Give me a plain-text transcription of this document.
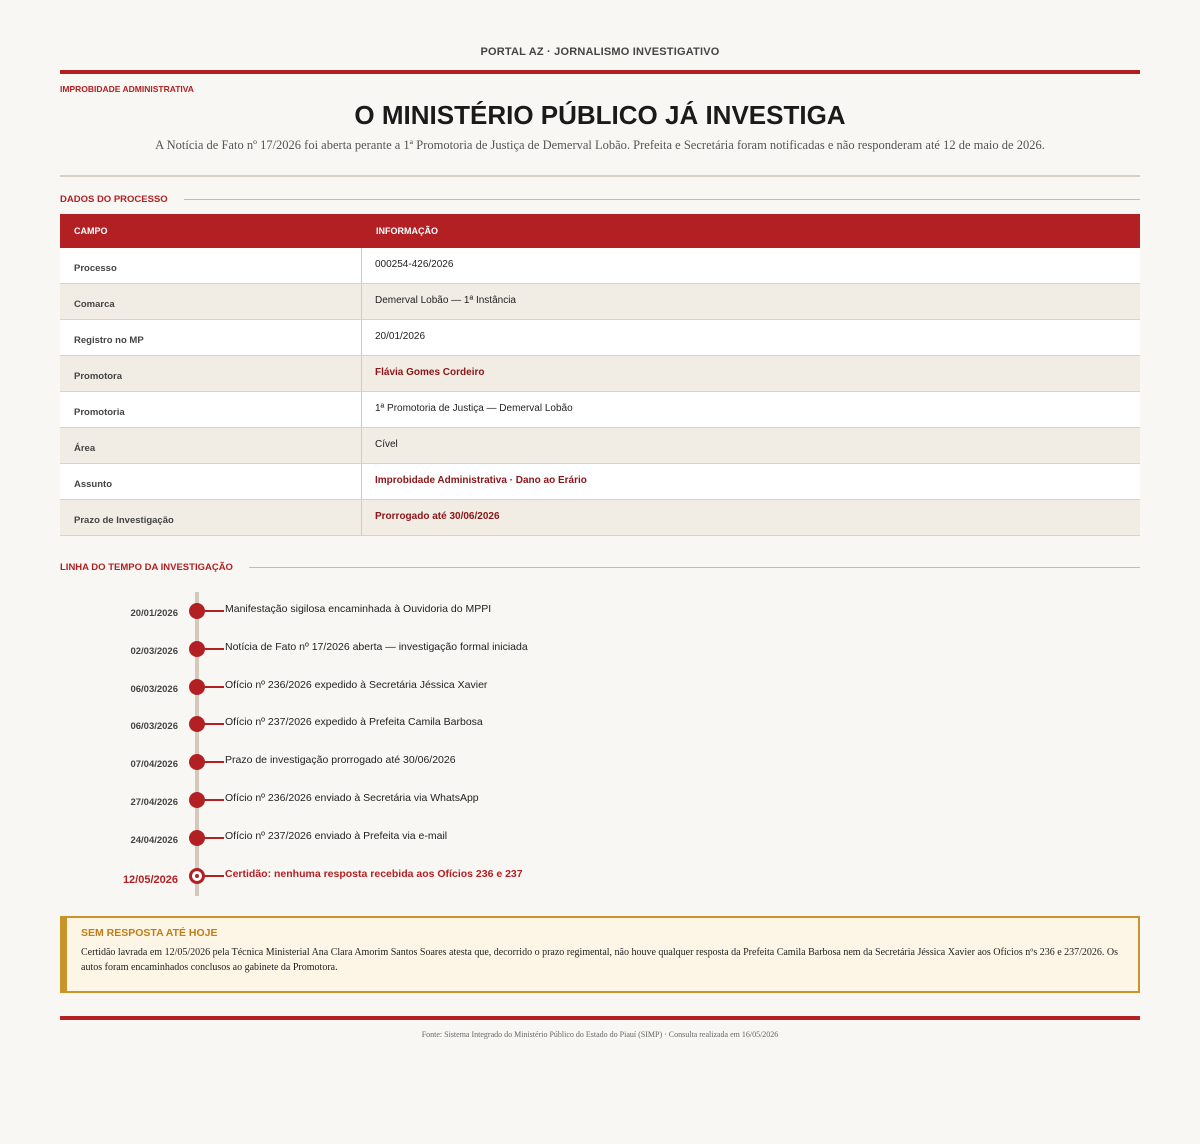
PORTAL AZ · JORNALISMO INVESTIGATIVO
IMPROBIDADE ADMINISTRATIVA
O MINISTÉRIO PÚBLICO JÁ INVESTIGA

A Notícia de Fato nº 17/2026 foi aberta perante a 1ª Promotoria de Justiça de Demerval Lobão. Prefeita e Secretária foram notificadas e não responderam até 12 de maio de 2026.

DADOS DO PROCESSO
CAMPO	INFORMAÇÃO
Processo	000254-426/2026
Comarca	Demerval Lobão — 1ª Instância
Registro no MP	20/01/2026
Promotora	Flávia Gomes Cordeiro
Promotoria	1ª Promotoria de Justiça — Demerval Lobão
Área	Cível
Assunto	Improbidade Administrativa · Dano ao Erário
Prazo de Investigação	Prorrogado até 30/06/2026
LINHA DO TEMPO DA INVESTIGAÇÃO
20/01/2026	Manifestação sigilosa encaminhada à Ouvidoria do MPPI
02/03/2026	Notícia de Fato nº 17/2026 aberta — investigação formal iniciada
06/03/2026	Ofício nº 236/2026 expedido à Secretária Jéssica Xavier
06/03/2026	Ofício nº 237/2026 expedido à Prefeita Camila Barbosa
07/04/2026	Prazo de investigação prorrogado até 30/06/2026
27/04/2026	Ofício nº 236/2026 enviado à Secretária via WhatsApp
24/04/2026	Ofício nº 237/2026 enviado à Prefeita via e-mail
12/05/2026	Certidão: nenhuma resposta recebida aos Ofícios 236 e 237
SEM RESPOSTA ATÉ HOJE
Certidão lavrada em 12/05/2026 pela Técnica Ministerial Ana Clara Amorim Santos Soares atesta que, decorrido o prazo regimental, não houve qualquer resposta da Prefeita Camila Barbosa nem da Secretária Jéssica Xavier aos Ofícios nºs 236 e 237/2026. Os autos foram encaminhados conclusos ao gabinete da Promotora.
Fonte: Sistema Integrado do Ministério Público do Estado do Piauí (SIMP) · Consulta realizada em 16/05/2026
